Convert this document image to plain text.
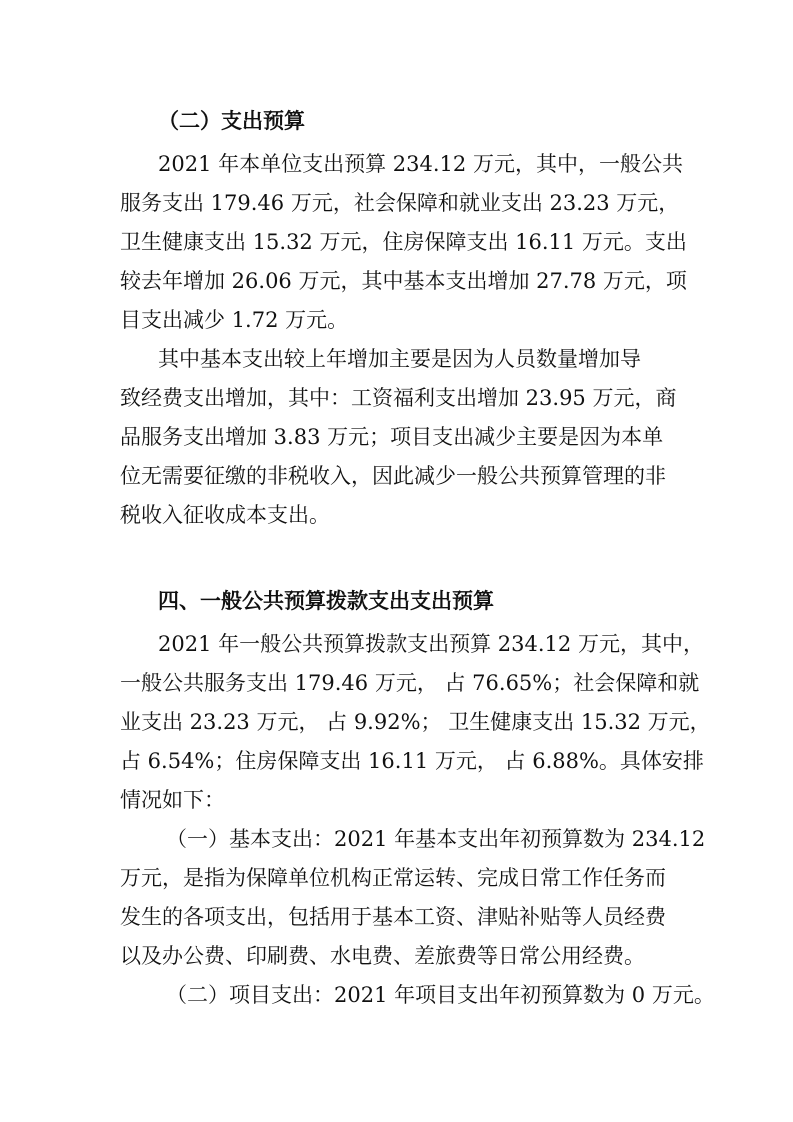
（二）支出预算
2021 年本单位支出预算 234.12 万元，其中，一般公共
服务支出 179.46 万元，社会保障和就业支出 23.23 万元，
卫生健康支出 15.32 万元，住房保障支出 16.11 万元。支出
较去年增加 26.06 万元，其中基本支出增加 27.78 万元，项
目支出减少 1.72 万元。
其中基本支出较上年增加主要是因为人员数量增加导
致经费支出增加，其中：工资福利支出增加 23.95 万元，商
品服务支出增加 3.83 万元；项目支出减少主要是因为本单
位无需要征缴的非税收入，因此减少一般公共预算管理的非
税收入征收成本支出。
四、一般公共预算拨款支出支出预算
2021 年一般公共预算拨款支出预算 234.12 万元，其中，
一般公共服务支出 179.46 万元， 占 76.65%；社会保障和就
业支出 23.23 万元， 占 9.92%； 卫生健康支出 15.32 万元，
占 6.54%；住房保障支出 16.11 万元， 占 6.88%。具体安排
情况如下：
（一）基本支出：2021 年基本支出年初预算数为 234.12
万元，是指为保障单位机构正常运转、完成日常工作任务而
发生的各项支出，包括用于基本工资、津贴补贴等人员经费
以及办公费、印刷费、水电费、差旅费等日常公用经费。
（二）项目支出：2021 年项目支出年初预算数为 0 万元。
